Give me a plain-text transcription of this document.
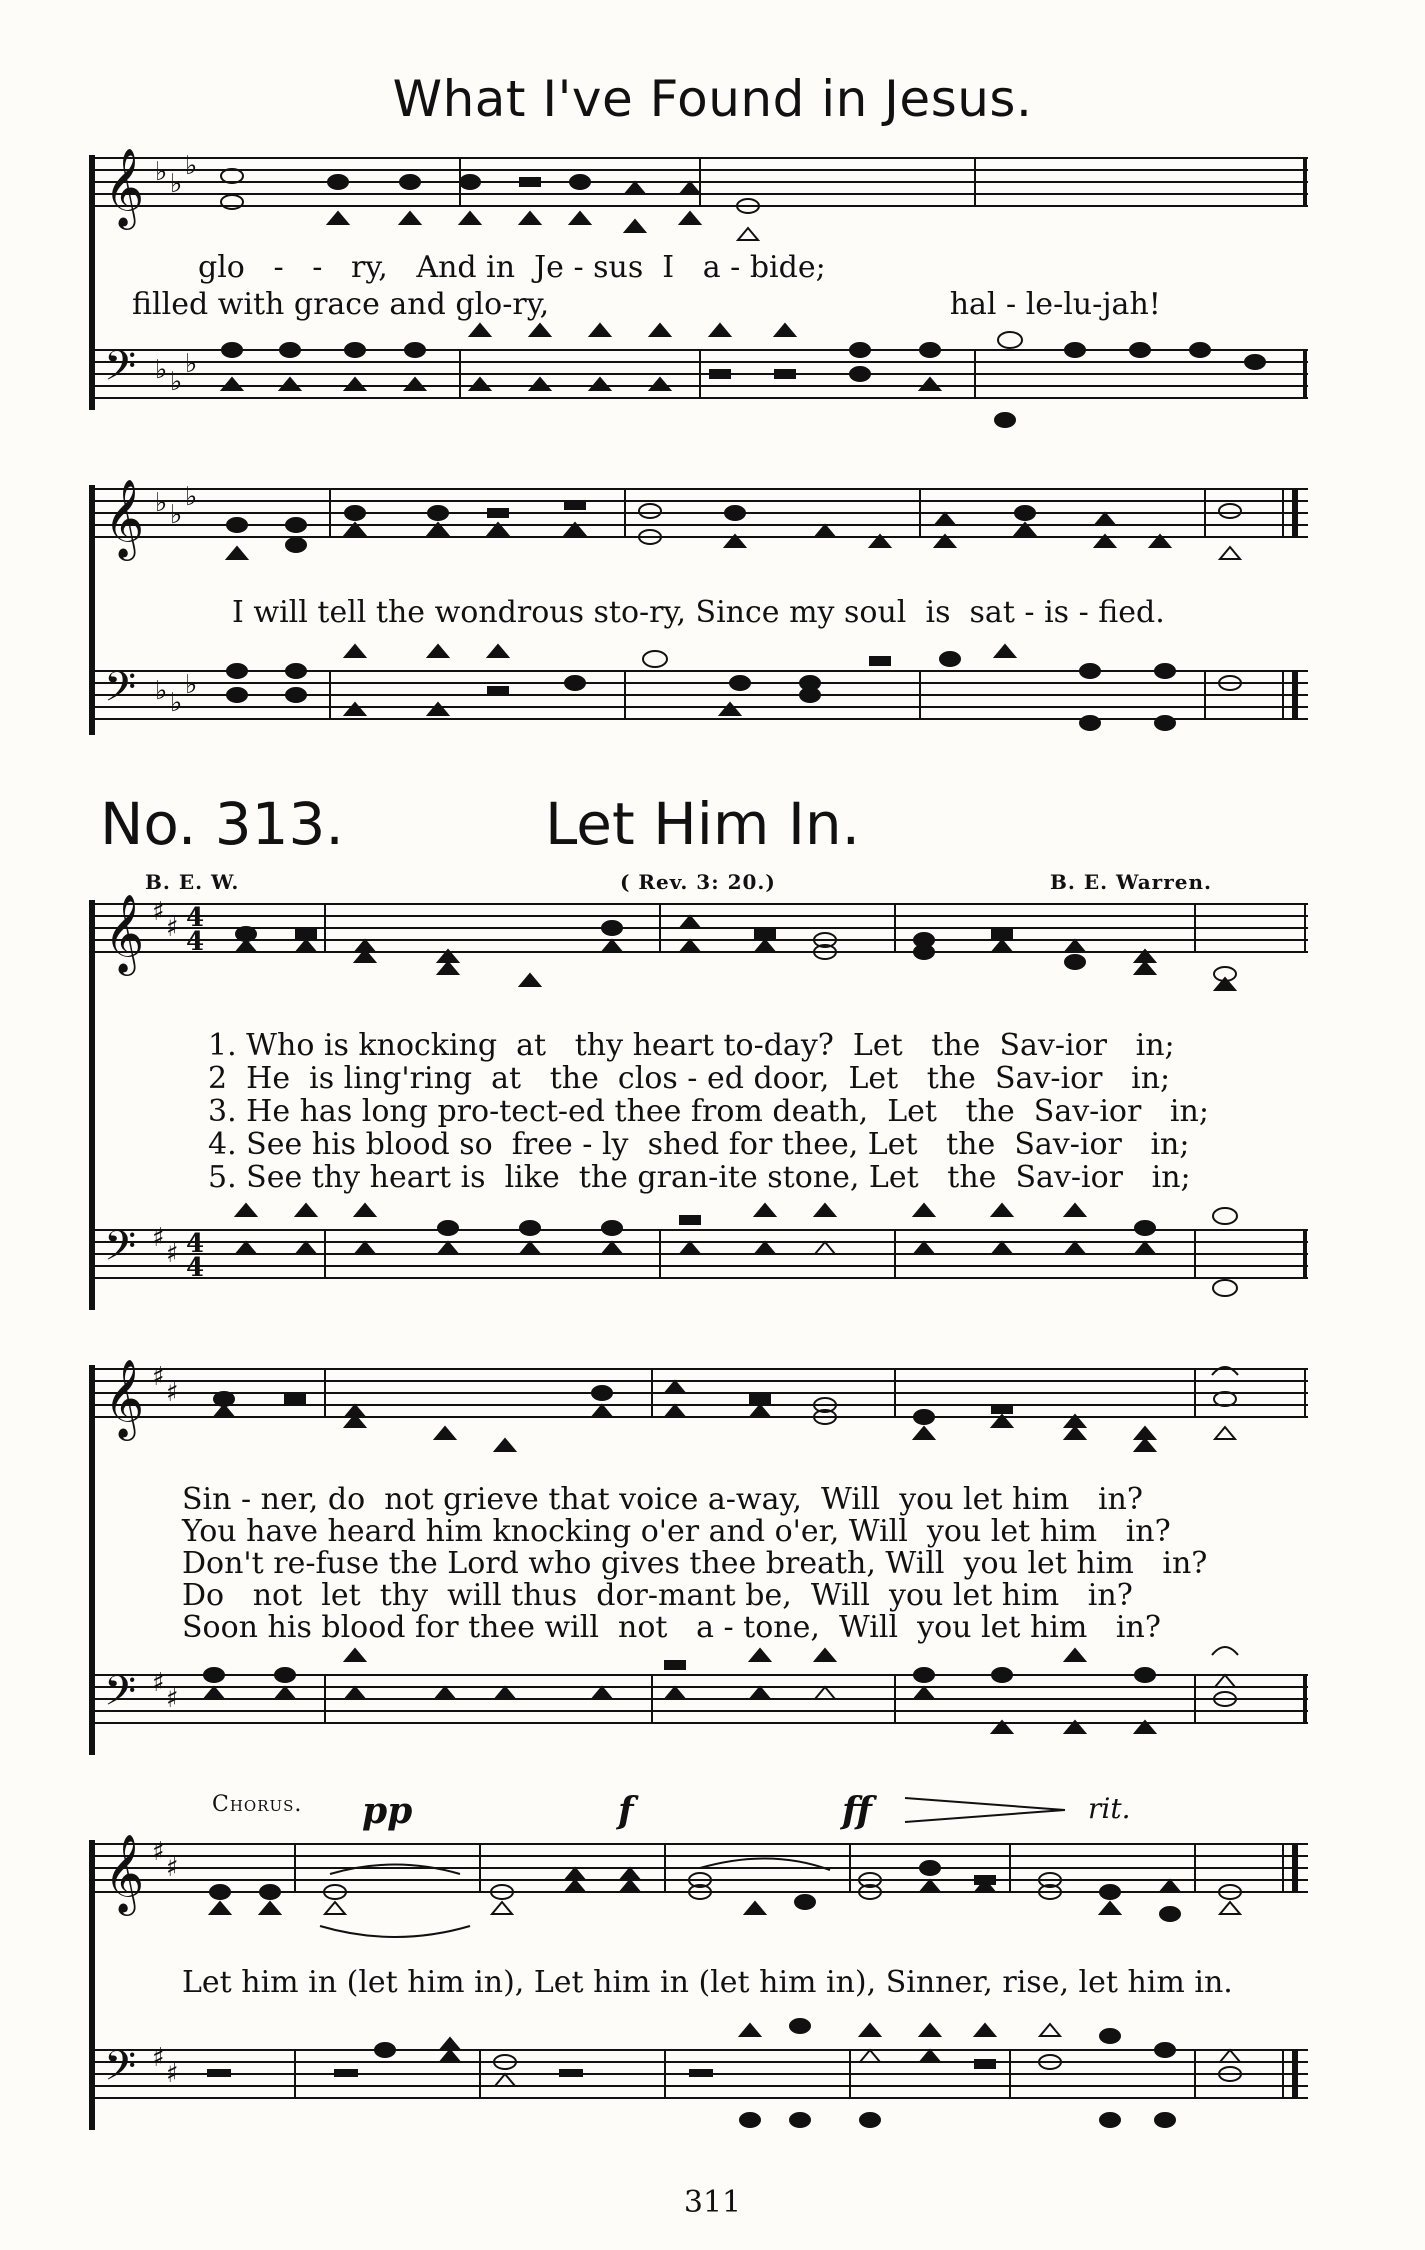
What I've Found in Jesus.
𝄞
𝄢
♭ ♭
♭
♭ ♭
♭
glo   -   -   ry,   And in  Je - sus  I   a - bide;
filled with grace and glo-ry,                                          hal - le-lu-jah!
𝄞
𝄢
♭ ♭
♭
♭ ♭
♭
I will tell the wondrous sto-ry, Since my soul  is  sat - is - fied.
No. 313.	Let Him In.
B. E. W.	( Rev. 3: 20.)	B. E. Warren.
𝄞
𝄢
♯
♯
♯
♯
4
4
4
4
1. Who is knocking  at   thy heart to-day?  Let   the  Sav-ior   in;
2  He  is ling'ring  at   the  clos - ed door,  Let   the  Sav-ior   in;
3. He has long pro-tect-ed thee from death,  Let   the  Sav-ior   in;
4. See his blood so  free - ly  shed for thee, Let   the  Sav-ior   in;
5. See thy heart is  like  the gran-ite stone, Let   the  Sav-ior   in;
𝄞
𝄢
♯
♯
♯
♯
Sin - ner, do  not grieve that voice a-way,  Will  you let him   in?
You have heard him knocking o'er and o'er, Will  you let him   in?
Don't re-fuse the Lord who gives thee breath, Will  you let him   in?
Do   not  let  thy  will thus  dor-mant be,  Will  you let him   in?
Soon his blood for thee will  not   a - tone,  Will  you let him   in?
Chorus. pp	f	ff	rit.
𝄞
𝄢
♯
♯
♯
♯
Let him in (let him in), Let him in (let him in), Sinner, rise, let him in.
311
